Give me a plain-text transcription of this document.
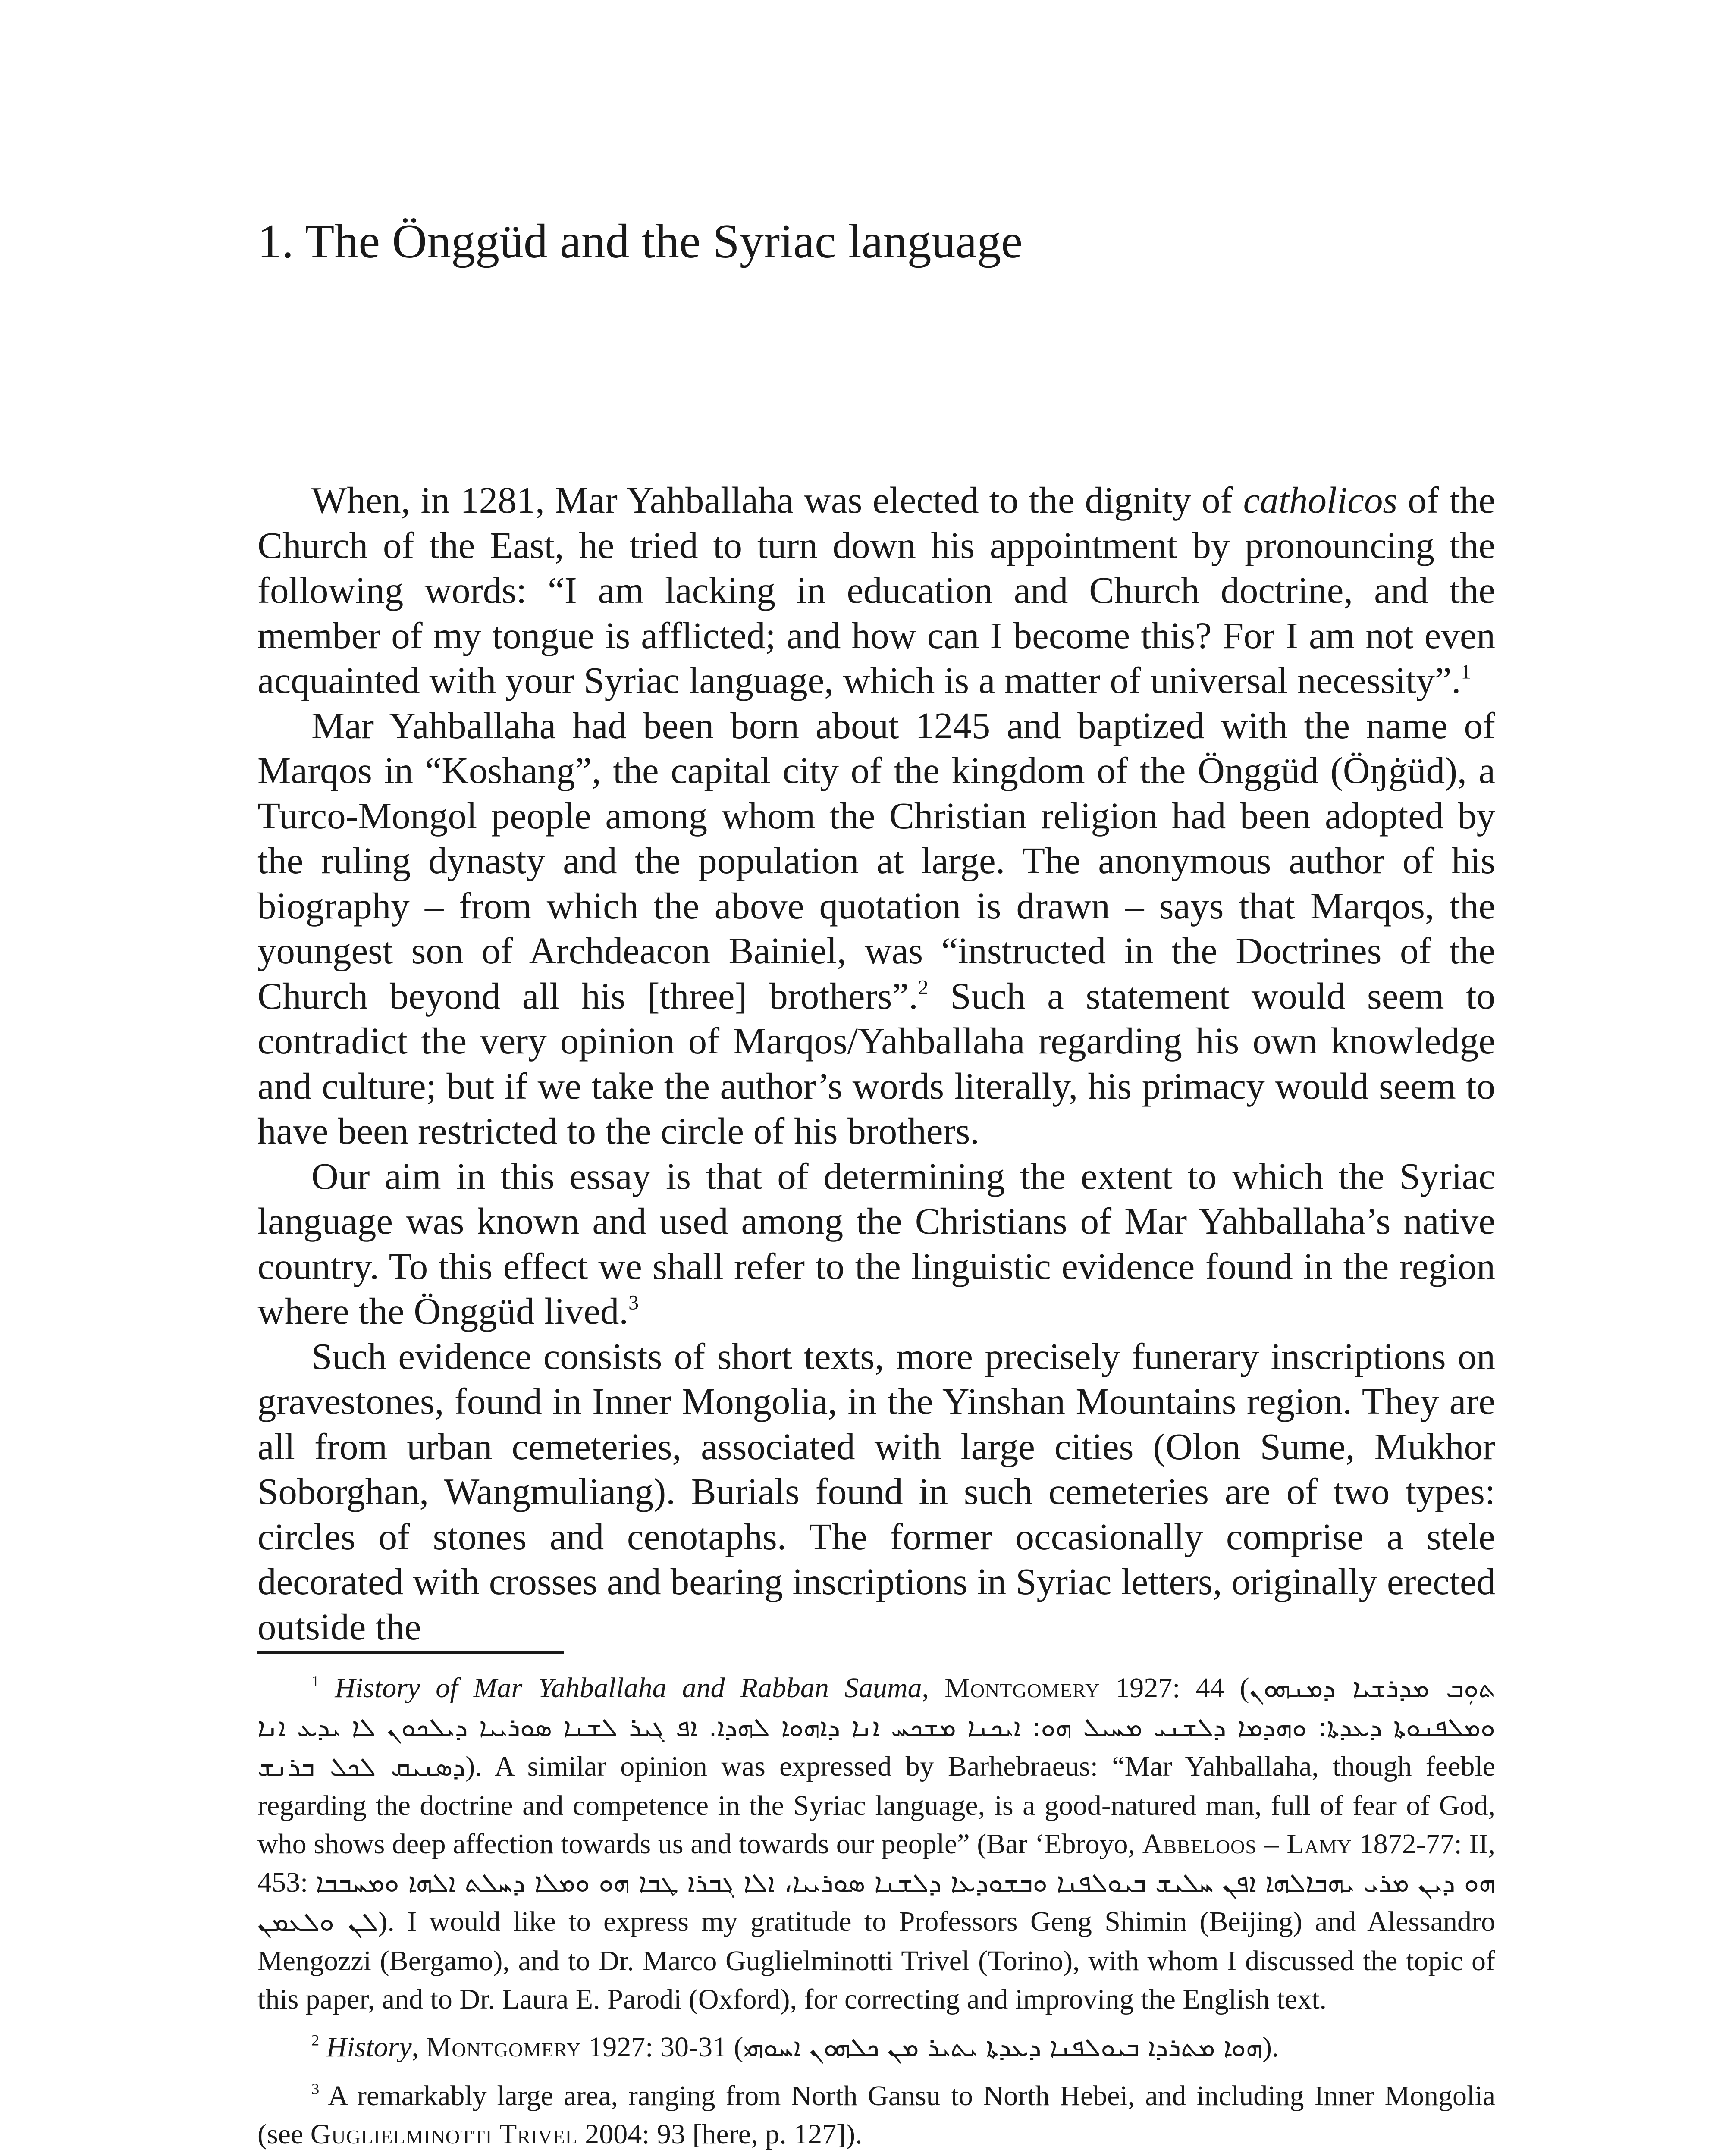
1. The Önggüd and the Syriac language

When, in 1281, Mar Yahballaha was elected to the dignity of catholicos of the Church of the East, he tried to turn down his appointment by pronouncing the following words: “I am lacking in education and Church doctrine, and the member of my tongue is afflicted; and how can I become this? For I am not even acquainted with your Syriac language, which is a matter of universal necessity”.$^1$

Mar Yahballaha had been born about 1245 and baptized with the name of Marqos in “Koshang”, the capital city of the kingdom of the Önggüd (Öŋġüd), a Turco-Mongol people among whom the Christian religion had been adopted by the ruling dynasty and the population at large. The anonymous author of his biography – from which the above quotation is drawn – says that Marqos, the youngest son of Archdeacon Bainiel, was “instructed in the Doctrines of the Church beyond all his [three] brothers”.$^2$ Such a statement would seem to contradict the very opinion of Marqos/Yahballaha regarding his own knowledge and culture; but if we take the author’s words literally, his primacy would seem to have been restricted to the circle of his brothers.

Our aim in this essay is that of determining the extent to which the Syriac language was known and used among the Christians of Mar Yahballaha’s native country. To this effect we shall refer to the linguistic evidence found in the region where the Önggüd lived.$^3$

Such evidence consists of short texts, more precisely funerary inscriptions on gravestones, found in Inner Mongolia, in the Yinshan Mountains region. They are all from urban cemeteries, associated with large cities (Olon Sume, Mukhor Soborghan, Wangmuliang). Burials found in such cemeteries are of two types: circles of stones and cenotaphs. The former occasionally comprise a stele decorated with crosses and bearing inscriptions in Syriac letters, originally erected outside the

$^1$ History of Mar Yahballaha and Rabban Sauma, Montgomery 1927: 44 (ܬܘܼܒ ܡܕܪܫܝܐ ܕܡܢܗܘܢ ܘܡܠܦܢܘܬܐ ܕܥܕܬܐ: ܘܗܕܡܐ ܕܠܫܢܝ ܡܚܝܠ ܗܘ: ܐܝܟܢܐ ܡܫܟܚ ܐܢܐ ܕܐܗܘܐ ܠܗܕܐ. ܐܦ ܓܝܪ ܠܫܢܐ ܣܘܪܝܝܐ ܕܝܠܟܘܢ ܠܐ ܝܕܥ ܐܢܐ ܕܣܢܝܩ ܠܟܠ ܒܪܢܫ). A similar opinion was expressed by Barhebraeus: “Mar Yahballaha, though feeble regarding the doctrine and competence in the Syriac language, is a good-natured man, full of fear of God, who shows deep affection towards us and towards our people” (Bar ‘Ebroyo, Abbeloos – Lamy 1872-77: II, 453: ܗܘ ܕܝܢ ܡܪܝ ܝܗܒܐܠܗܐ ܐܦܢ ܚܠܝܫ ܒܝܘܠܦܢܐ ܘܒܫܘܕܥܐ ܕܠܫܢܐ ܣܘܪܝܝܐ، ܐܠܐ ܓܒܪܐ ܛܒܐ ܗܘ ܘܡܠܐ ܕܚܠܬ ܐܠܗܐ ܘܡܚܒܒܐ ܠܢ ܘܠܥܡܢ). I would like to express my gratitude to Professors Geng Shimin (Beijing) and Alessandro Mengozzi (Bergamo), and to Dr. Marco Guglielminotti Trivel (Torino), with whom I discussed the topic of this paper, and to Dr. Laura E. Parodi (Oxford), for correcting and improving the English text.

$^2$ History, Montgomery 1927: 30-31 (ܗܘܐ ܡܬܪܕܐ ܒܝܘܠܦܢܐ ܕܥܕܬܐ ܝܬܝܪ ܡܢ ܟܠܗܘܢ ܐܚܘܗܝ).

$^3$ A remarkably large area, ranging from North Gansu to North Hebei, and including Inner Mongolia (see Guglielminotti Trivel 2004: 93 [here, p. 127]).
